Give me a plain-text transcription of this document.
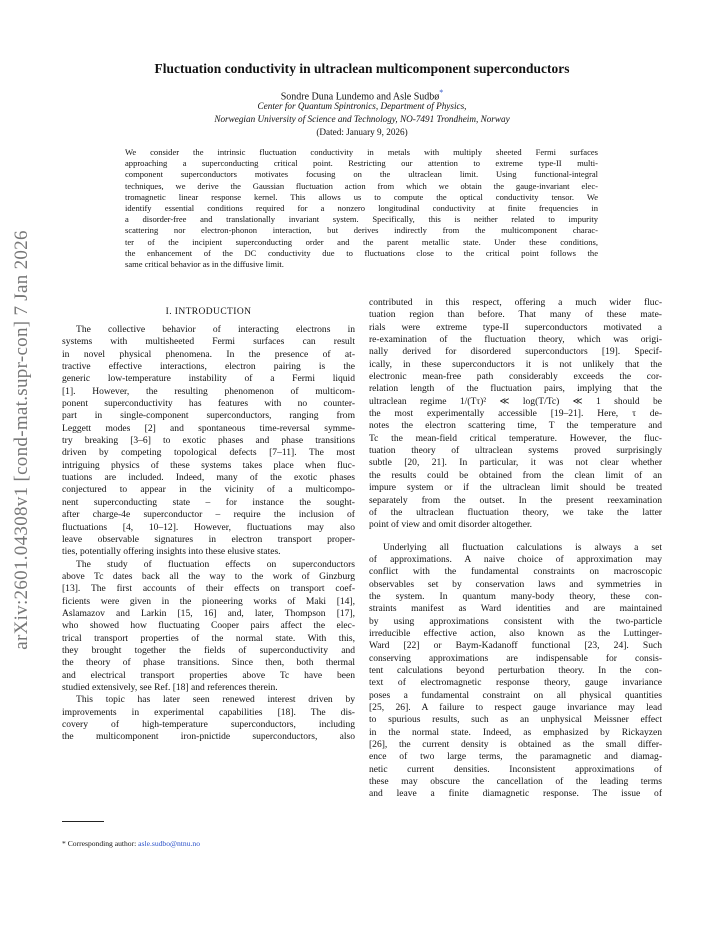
arXiv:2601.04308v1 [cond-mat.supr-con] 7 Jan 2026
Fluctuation conductivity in ultraclean multicomponent superconductors
Sondre Duna Lundemo and Asle Sudbø*
Center for Quantum Spintronics, Department of Physics,
Norwegian University of Science and Technology, NO-7491 Trondheim, Norway
(Dated: January 9, 2026)
We consider the intrinsic fluctuation conductivity in metals with multiply sheeted Fermi surfaces
approaching a superconducting critical point. Restricting our attention to extreme type-II multi-
component superconductors motivates focusing on the ultraclean limit. Using functional-integral
techniques, we derive the Gaussian fluctuation action from which we obtain the gauge-invariant elec-
tromagnetic linear response kernel. This allows us to compute the optical conductivity tensor. We
identify essential conditions required for a nonzero longitudinal conductivity at finite frequencies in
a disorder-free and translationally invariant system. Specifically, this is neither related to impurity
scattering nor electron-phonon interaction, but derives indirectly from the multicomponent charac-
ter of the incipient superconducting order and the parent metallic state. Under these conditions,
the enhancement of the DC conductivity due to fluctuations close to the critical point follows the
same critical behavior as in the diffusive limit.
I. INTRODUCTION
The collective behavior of interacting electrons in
systems with multisheeted Fermi surfaces can result
in novel physical phenomena. In the presence of at-
tractive effective interactions, electron pairing is the
generic low-temperature instability of a Fermi liquid
[1]. However, the resulting phenomenon of multicom-
ponent superconductivity has features with no counter-
part in single-component superconductors, ranging from
Leggett modes [2] and spontaneous time-reversal symme-
try breaking [3–6] to exotic phases and phase transitions
driven by competing topological defects [7–11]. The most
intriguing physics of these systems takes place when fluc-
tuations are included. Indeed, many of the exotic phases
conjectured to appear in the vicinity of a multicompo-
nent superconducting state – for instance the sought-
after charge-4e superconductor – require the inclusion of
fluctuations [4, 10–12]. However, fluctuations may also
leave observable signatures in electron transport proper-
ties, potentially offering insights into these elusive states.
The study of fluctuation effects on superconductors
above Tc dates back all the way to the work of Ginzburg
[13]. The first accounts of their effects on transport coef-
ficients were given in the pioneering works of Maki [14],
Aslamazov and Larkin [15, 16] and, later, Thompson [17],
who showed how fluctuating Cooper pairs affect the elec-
trical transport properties of the normal state. With this,
they brought together the fields of superconductivity and
the theory of phase transitions. Since then, both thermal
and electrical transport properties above Tc have been
studied extensively, see Ref. [18] and references therein.
This topic has later seen renewed interest driven by
improvements in experimental capabilities [18]. The dis-
covery of high-temperature superconductors, including
the multicomponent iron-pnictide superconductors, also
contributed in this respect, offering a much wider fluc-
tuation region than before. That many of these mate-
rials were extreme type-II superconductors motivated a
re-examination of the fluctuation theory, which was origi-
nally derived for disordered superconductors [19]. Specif-
ically, in these superconductors it is not unlikely that the
electronic mean-free path considerably exceeds the cor-
relation length of the fluctuation pairs, implying that the
ultraclean regime 1/(Tτ)² ≪ log(T/Tc) ≪ 1 should be
the most experimentally accessible [19–21]. Here, τ de-
notes the electron scattering time, T the temperature and
Tc the mean-field critical temperature. However, the fluc-
tuation theory of ultraclean systems proved surprisingly
subtle [20, 21]. In particular, it was not clear whether
the results could be obtained from the clean limit of an
impure system or if the ultraclean limit should be treated
separately from the outset. In the present reexamination
of the ultraclean fluctuation theory, we take the latter
point of view and omit disorder altogether.
Underlying all fluctuation calculations is always a set
of approximations. A naive choice of approximation may
conflict with the fundamental constraints on macroscopic
observables set by conservation laws and symmetries in
the system. In quantum many-body theory, these con-
straints manifest as Ward identities and are maintained
by using approximations consistent with the two-particle
irreducible effective action, also known as the Luttinger-
Ward [22] or Baym-Kadanoff functional [23, 24]. Such
conserving approximations are indispensable for consis-
tent calculations beyond perturbation theory. In the con-
text of electromagnetic response theory, gauge invariance
poses a fundamental constraint on all physical quantities
[25, 26]. A failure to respect gauge invariance may lead
to spurious results, such as an unphysical Meissner effect
in the normal state. Indeed, as emphasized by Rickayzen
[26], the current density is obtained as the small differ-
ence of two large terms, the paramagnetic and diamag-
netic current densities. Inconsistent approximations of
these may obscure the cancellation of the leading terms
and leave a finite diamagnetic response. The issue of
* Corresponding author: asle.sudbo@ntnu.no
